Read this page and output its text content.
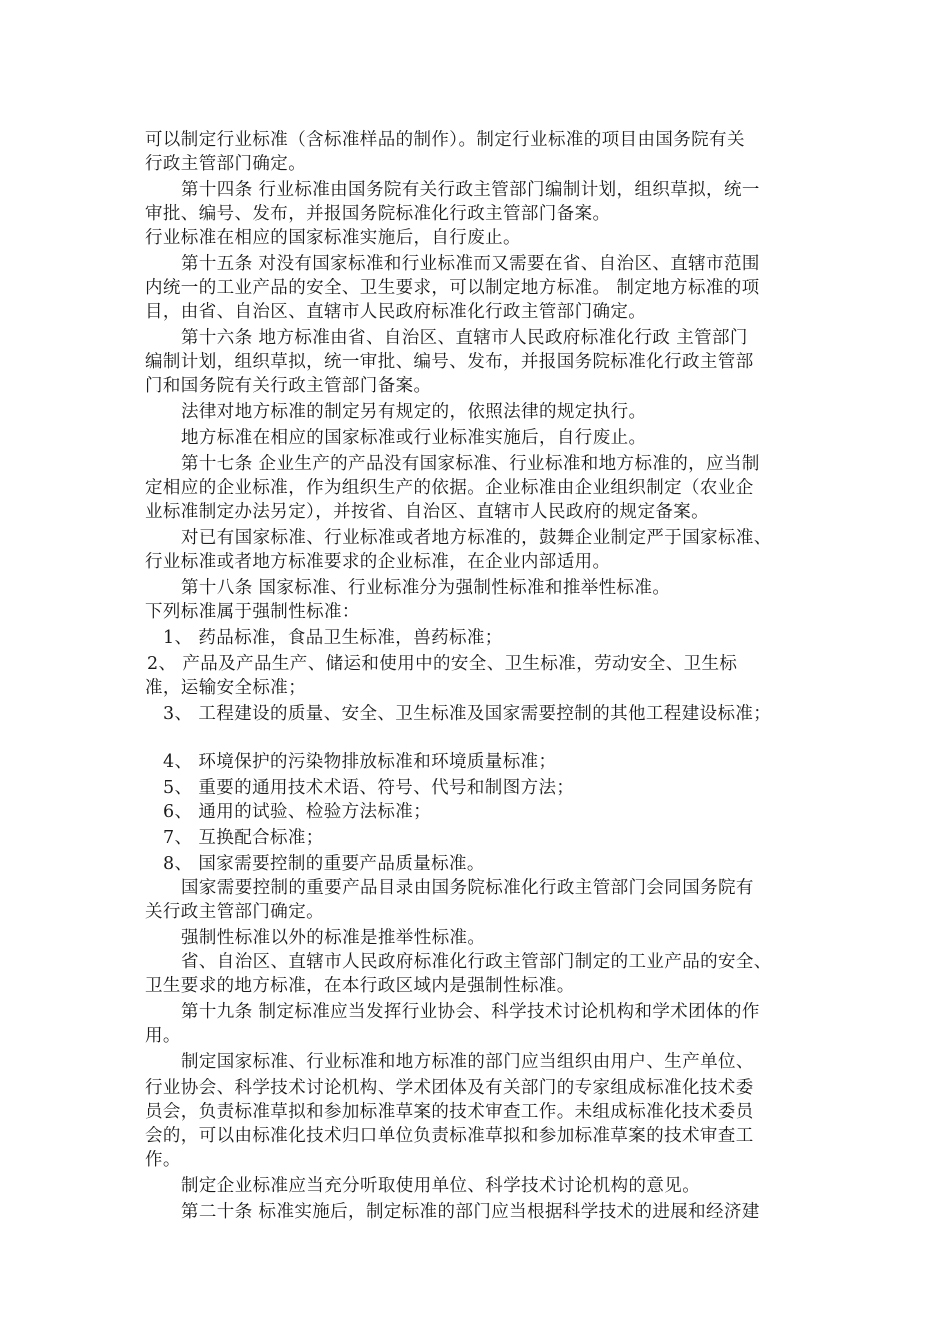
可以制定行业标准（含标准样品的制作）。制定行业标准的项目由国务院有关
行政主管部门确定。
第十四条 行业标准由国务院有关行政主管部门编制计划，组织草拟，统一
审批、编号、发布，并报国务院标准化行政主管部门备案。
行业标准在相应的国家标准实施后，自行废止。
第十五条 对没有国家标准和行业标准而又需要在省、自治区、直辖市范围
内统一的工业产品的安全、卫生要求，可以制定地方标准。 制定地方标准的项
目，由省、自治区、直辖市人民政府标准化行政主管部门确定。
第十六条 地方标准由省、自治区、直辖市人民政府标准化行政 主管部门
编制计划，组织草拟，统一审批、编号、发布，并报国务院标准化行政主管部
门和国务院有关行政主管部门备案。
法律对地方标准的制定另有规定的，依照法律的规定执行。
地方标准在相应的国家标准或行业标准实施后，自行废止。
第十七条 企业生产的产品没有国家标准、行业标准和地方标准的，应当制
定相应的企业标准，作为组织生产的依据。企业标准由企业组织制定（农业企
业标准制定办法另定），并按省、自治区、直辖市人民政府的规定备案。
对已有国家标准、行业标准或者地方标准的，鼓舞企业制定严于国家标准、
行业标准或者地方标准要求的企业标准，在企业内部适用。
第十八条 国家标准、行业标准分为强制性标准和推举性标准。
下列标准属于强制性标准：
1、 药品标准，食品卫生标准，兽药标准；
2、 产品及产品生产、储运和使用中的安全、卫生标准，劳动安全、卫生标
准，运输安全标准；
3、 工程建设的质量、安全、卫生标准及国家需要控制的其他工程建设标准；
4、 环境保护的污染物排放标准和环境质量标准；
5、 重要的通用技术术语、符号、代号和制图方法；
6、 通用的试验、检验方法标准；
7、 互换配合标准；
8、 国家需要控制的重要产品质量标准。
国家需要控制的重要产品目录由国务院标准化行政主管部门会同国务院有
关行政主管部门确定。
强制性标准以外的标准是推举性标准。
省、自治区、直辖市人民政府标准化行政主管部门制定的工业产品的安全、
卫生要求的地方标准，在本行政区域内是强制性标准。
第十九条 制定标准应当发挥行业协会、科学技术讨论机构和学术团体的作
用。
制定国家标准、行业标准和地方标准的部门应当组织由用户、生产单位、
行业协会、科学技术讨论机构、学术团体及有关部门的专家组成标准化技术委
员会，负责标准草拟和参加标准草案的技术审查工作。未组成标准化技术委员
会的，可以由标准化技术归口单位负责标准草拟和参加标准草案的技术审查工
作。
制定企业标准应当充分听取使用单位、科学技术讨论机构的意见。
第二十条 标准实施后，制定标准的部门应当根据科学技术的进展和经济建
